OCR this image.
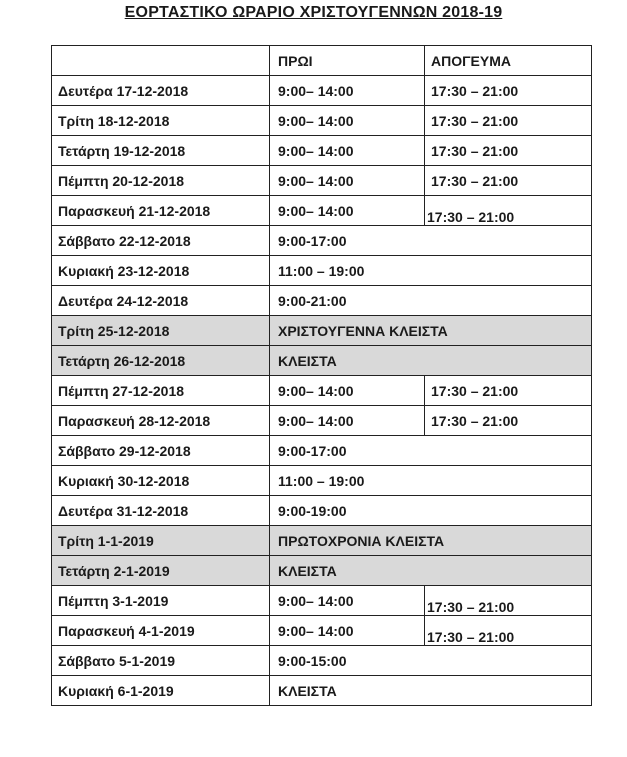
ΕΟΡΤΑΣΤΙΚΟ ΩΡΑΡΙΟ ΧΡΙΣΤΟΥΓΕΝΝΩΝ 2018-19
	ΠΡΩΙ	ΑΠΟΓΕΥΜΑ
Δευτέρα 17-12-2018	9:00– 14:00	17:30 – 21:00
Τρίτη 18-12-2018	9:00– 14:00	17:30 – 21:00
Τετάρτη 19-12-2018	9:00– 14:00	17:30 – 21:00
Πέμπτη 20-12-2018	9:00– 14:00	17:30 – 21:00
Παρασκευή 21-12-2018	9:00– 14:00	17:30 – 21:00
Σάββατο 22-12-2018	9:00-17:00	
Κυριακή 23-12-2018	11:00 – 19:00	
Δευτέρα 24-12-2018	9:00-21:00	
Τρίτη 25-12-2018	ΧΡΙΣΤΟΥΓΕΝΝΑ ΚΛΕΙΣΤΑ	
Τετάρτη 26-12-2018	ΚΛΕΙΣΤΑ	
Πέμπτη 27-12-2018	9:00– 14:00	17:30 – 21:00
Παρασκευή 28-12-2018	9:00– 14:00	17:30 – 21:00
Σάββατο 29-12-2018	9:00-17:00	
Κυριακή 30-12-2018	11:00 – 19:00	
Δευτέρα 31-12-2018	9:00-19:00	
Τρίτη 1-1-2019	ΠΡΩΤΟΧΡΟΝΙΑ ΚΛΕΙΣΤΑ	
Τετάρτη 2-1-2019	ΚΛΕΙΣΤΑ	
Πέμπτη 3-1-2019	9:00– 14:00	17:30 – 21:00
Παρασκευή 4-1-2019	9:00– 14:00	17:30 – 21:00
Σάββατο 5-1-2019	9:00-15:00	
Κυριακή 6-1-2019	ΚΛΕΙΣΤΑ	
